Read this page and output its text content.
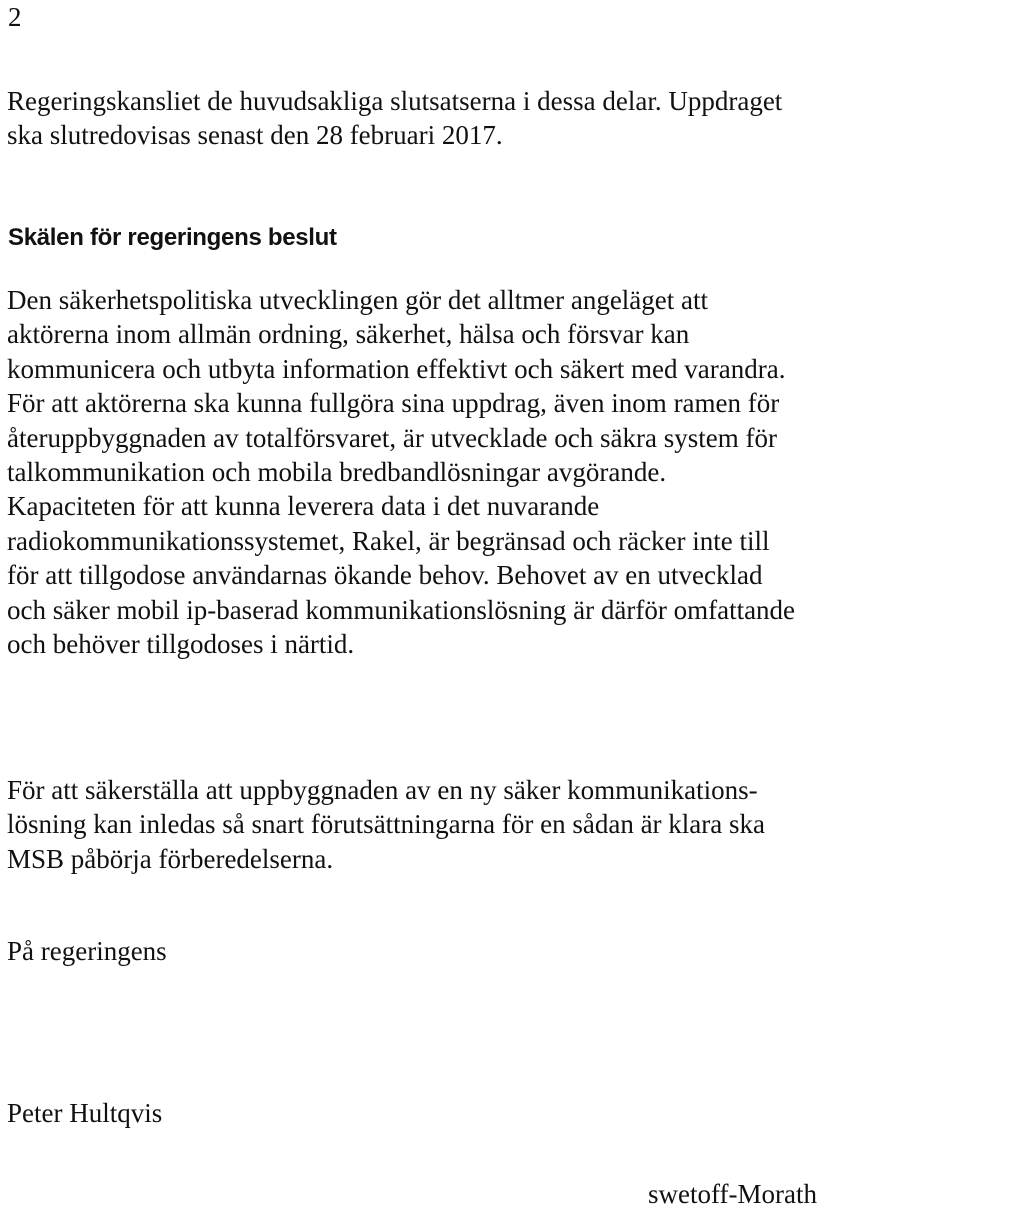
2

Regeringskansliet de huvudsakliga slutsatserna i dessa delar. Uppdraget
ska slutredovisas senast den 28 februari 2017.

Skälen för regeringens beslut

Den säkerhetspolitiska utvecklingen gör det alltmer angeläget att
aktörerna inom allmän ordning, säkerhet, hälsa och försvar kan
kommunicera och utbyta information effektivt och säkert med varandra.
För att aktörerna ska kunna fullgöra sina uppdrag, även inom ramen för
återuppbyggnaden av totalförsvaret, är utvecklade och säkra system för
talkommunikation och mobila bredbandlösningar avgörande.
Kapaciteten för att kunna leverera data i det nuvarande
radiokommunikationssystemet, Rakel, är begränsad och räcker inte till
för att tillgodose användarnas ökande behov. Behovet av en utvecklad
och säker mobil ip-baserad kommunikationslösning är därför omfattande
och behöver tillgodoses i närtid.

För att säkerställa att uppbyggnaden av en ny säker kommunikations-
lösning kan inledas så snart förutsättningarna för en sådan är klara ska
MSB påbörja förberedelserna.

På regeringens

Peter Hultqvis

swetoff-Morath
